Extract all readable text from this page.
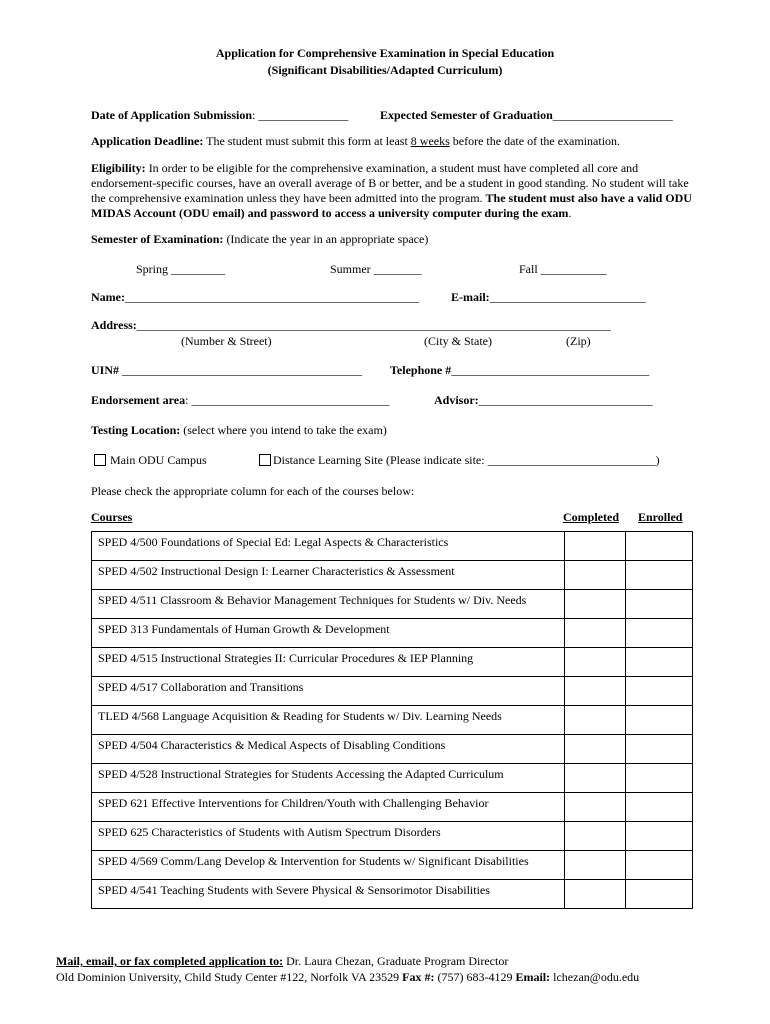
Application for Comprehensive Examination in Special Education
(Significant Disabilities/Adapted Curriculum)
Date of Application Submission: _______________	Expected Semester of Graduation____________________
Application Deadline: The student must submit this form at least 8 weeks before the date of the examination.
Eligibility: In order to be eligible for the comprehensive examination, a student must have completed all core and endorsement-specific courses, have an overall average of B or better, and be a student in good standing. No student will take the comprehensive examination unless they have been admitted into the program. The student must also have a valid ODU MIDAS Account (ODU email) and password to access a university computer during the exam.
Semester of Examination: (Indicate the year in an appropriate space)
Spring _________	Summer ________	Fall ___________
Name:_________________________________________________	E-mail:__________________________
Address:_______________________________________________________________________________
(Number & Street)	(City & State)	(Zip)
UIN# ________________________________________ Telephone #_________________________________
Endorsement area: _________________________________	Advisor:_____________________________
Testing Location: (select where you intend to take the exam)
Main ODU Campus	Distance Learning Site (Please indicate site: ____________________________)
Please check the appropriate column for each of the courses below:
Courses	Completed Enrolled
SPED 4/500 Foundations of Special Ed: Legal Aspects & Characteristics		
SPED 4/502 Instructional Design I: Learner Characteristics & Assessment		
SPED 4/511 Classroom & Behavior Management Techniques for Students w/ Div. Needs		
SPED 313 Fundamentals of Human Growth & Development		
SPED 4/515 Instructional Strategies II: Curricular Procedures & IEP Planning		
SPED 4/517 Collaboration and Transitions		
TLED 4/568 Language Acquisition & Reading for Students w/ Div. Learning Needs		
SPED 4/504 Characteristics & Medical Aspects of Disabling Conditions		
SPED 4/528 Instructional Strategies for Students Accessing the Adapted Curriculum		
SPED 621 Effective Interventions for Children/Youth with Challenging Behavior		
SPED 625 Characteristics of Students with Autism Spectrum Disorders		
SPED 4/569 Comm/Lang Develop & Intervention for Students w/ Significant Disabilities		
SPED 4/541 Teaching Students with Severe Physical & Sensorimotor Disabilities		
Mail, email, or fax completed application to: Dr. Laura Chezan, Graduate Program Director
Old Dominion University, Child Study Center #122, Norfolk VA 23529 Fax #: (757) 683-4129 Email: lchezan@odu.edu
